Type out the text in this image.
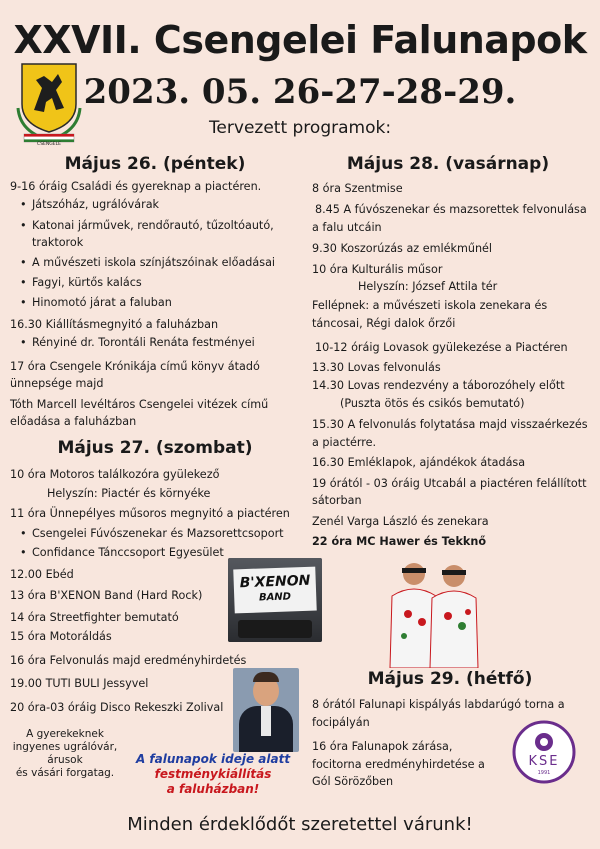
XXVII. Csengelei Falunapok
2023. 05. 26-27-28-29.
Tervezett programok:
CSENGELE
Május 26. (péntek)
9-16 óráig Családi és gyereknap a piactéren.
• Játszóház, ugrálóvárak
• Katonai járművek, rendőrautó, tűzoltóautó,
traktorok
• A művészeti iskola színjátszóinak előadásai
• Fagyi, kürtős kalács
• Hinomotó járat a faluban
16.30 Kiállításmegnyitó a faluházban
• Rényiné dr. Torontáli Renáta festményei
17 óra Csengele Krónikája című könyv átadó
ünnepsége majd
Tóth Marcell levéltáros Csengelei vitézek című
előadása a faluházban
Május 27. (szombat)
10 óra Motoros találkozóra gyülekező
Helyszín: Piactér és környéke
11 óra Ünnepélyes műsoros megnyitó a piactéren
• Csengelei Fúvószenekar és Mazsorettcsoport
• Confidance Tánccsoport Egyesület
12.00 Ebéd
13 óra B'XENON Band (Hard Rock)
14 óra Streetfighter bemutató
15 óra Motoráldás
16 óra Felvonulás majd eredményhirdetés
19.00 TUTI BULI Jessyvel
20 óra-03 óráig Disco Rekeszki Zolival
B'XENON
BAND
A gyerekeknek
ingyenes ugrálóvár,
árusok
és vásári forgatag.
A falunapok ideje alatt
festménykiállítás
a faluházban!
Május 28. (vasárnap)
8 óra Szentmise
8.45 A fúvószenekar és mazsorettek felvonulása
a falu utcáin
9.30 Koszorúzás az emlékműnél
10 óra Kulturális műsor
Helyszín: József Attila tér
Fellépnek: a művészeti iskola zenekara és
táncosai, Régi dalok őrzői
10-12 óráig Lovasok gyülekezése a Piactéren
13.30 Lovas felvonulás
14.30 Lovas rendezvény a táborozóhely előtt
(Puszta ötös és csikós bemutató)
15.30 A felvonulás folytatása majd visszaérkezés
a piactérre.
16.30 Emléklapok, ajándékok átadása
19 órától - 03 óráig Utcabál a piactéren felállított
sátorban
Zenél Varga László és zenekara
22 óra MC Hawer és Tekknő
Május 29. (hétfő)
8 órától Falunapi kispályás labdarúgó torna a
focipályán
16 óra Falunapok zárása,
focitorna eredményhirdetése a
Gól Sörözőben
KSE
1991
Minden érdeklődőt szeretettel várunk!
